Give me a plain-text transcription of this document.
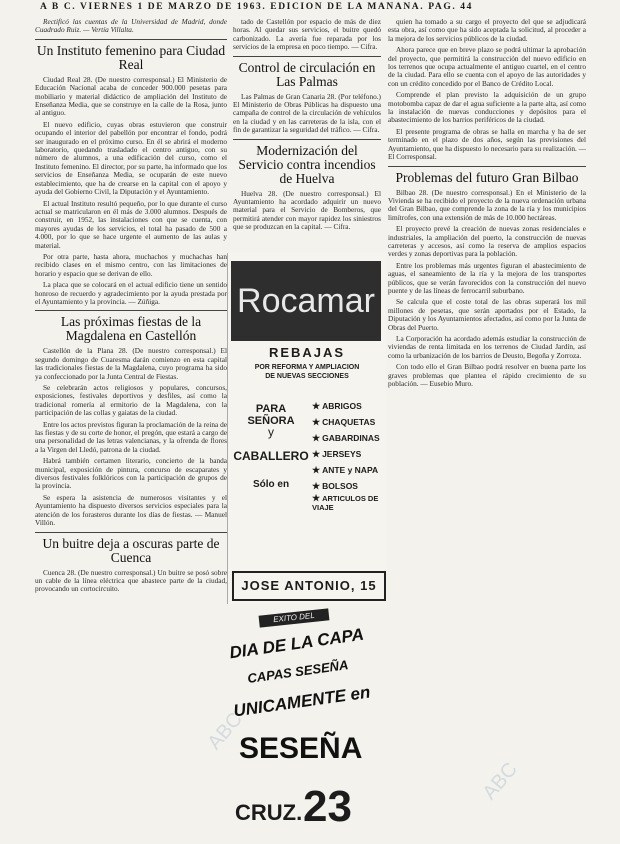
A B C. VIERNES 1 DE MARZO DE 1963. EDICION DE LA MAÑANA. PAG. 44

Rectificó las cuentas de la Universidad de Madrid, donde Cuadrado Ruiz. — Vertía Villalta.

Un Instituto femenino para Ciudad Real

Ciudad Real 28. (De nuestro corresponsal.) El Ministerio de Educación Nacional acaba de conceder 900.000 pesetas para mobiliario y material didáctico de ampliación del Instituto de Enseñanza Media, que se construye en la calle de la Rosa, junto al antiguo.

El nuevo edificio, cuyas obras estuvieron que construir ocupando el interior del pabellón por encontrar el fondo, podrá ser inaugurado en el próximo curso. En él se abrirá el moderno laboratorio, quedando trasladado el centro antiguo, con su número de alumnos, a una edificación del curso, como el Instituto femenino. El director, por su parte, ha informado que los servicios de Enseñanza Media, se ocuparán de este nuevo establecimiento, que ha de crearse en la capital con el apoyo y ayuda del Gobierno Civil, la Diputación y el Ayuntamiento.

El actual Instituto resultó pequeño, por lo que durante el curso actual se matricularon en él más de 3.000 alumnos. Después de construir, en 1952, las instalaciones con que se cuenta, con mayores ayudas de los servicios, el total ha pasado de 500 a 4.000, por lo que se hace urgente el aumento de las aulas y material.

Por otra parte, hasta ahora, muchachos y muchachas han recibido clases en el mismo centro, con las limitaciones de horario y espacio que se derivan de ello.

La placa que se colocará en el actual edificio tiene un sentido honroso de recuerdo y agradecimiento por la ayuda prestada por el Ayuntamiento y la provincia. — Zúñiga.

Las próximas fiestas de la Magdalena en Castellón

Castellón de la Plana 28. (De nuestro corresponsal.) El segundo domingo de Cuaresma darán comienzo en esta capital las tradicionales fiestas de la Magdalena, cuyo programa ha sido ya confeccionado por la Junta Central de Fiestas.

Se celebrarán actos religiosos y populares, concursos, exposiciones, festivales deportivos y desfiles, así como la tradicional romería al ermitorio de la Magdalena, con la participación de las collas y gaiatas de la ciudad.

Entre los actos previstos figuran la proclamación de la reina de las fiestas y de su corte de honor, el pregón, que estará a cargo de una personalidad de las letras valencianas, y la ofrenda de flores a la Virgen del Lledó, patrona de la ciudad.

Habrá también certamen literario, concierto de la banda municipal, exposición de pintura, concurso de escaparates y diversos festivales folklóricos con la participación de grupos de la provincia.

Se espera la asistencia de numerosos visitantes y el Ayuntamiento ha dispuesto diversos servicios especiales para la atención de los forasteros durante los días de fiestas. — Manuel Villón.

Un buitre deja a oscuras parte de Cuenca

Cuenca 28. (De nuestro corresponsal.) Un buitre se posó sobre un cable de la línea eléctrica que abastece parte de la ciudad, provocando un cortocircuito.

tado de Castellón por espacio de más de diez horas. Al quedar sus servicios, el buitre quedó carbonizado. La avería fue reparada por los servicios de la empresa en poco tiempo. — Cifra.

Control de circulación en Las Palmas

Las Palmas de Gran Canaria 28. (Por teléfono.) El Ministerio de Obras Públicas ha dispuesto una campaña de control de la circulación de vehículos en la ciudad y en las carreteras de la isla, con el fin de garantizar la seguridad del tráfico. — Cifra.

Modernización del Servicio contra incendios de Huelva

Huelva 28. (De nuestro corresponsal.) El Ayuntamiento ha acordado adquirir un nuevo material para el Servicio de Bomberos, que permitirá atender con mayor rapidez los siniestros que se produzcan en la capital. — Cifra.

Rocamar
REBAJAS
POR REFORMA Y AMPLIACION
DE NUEVAS SECCIONES
PARA SEÑORA
y
CABALLERO
Sólo en
★ ABRIGOS
★ CHAQUETAS
★ GABARDINAS
★ JERSEYS
★ ANTE y NAPA
★ BOLSOS
★ ARTICULOS DE VIAJE
JOSE ANTONIO, 15
EXITO DEL
DIA DE LA CAPA
CAPAS SESEÑA
UNICAMENTE en
SESEÑA
CRUZ. 23

quien ha tomado a su cargo el proyecto del que se adjudicará esta obra, así como que ha sido aceptada la solicitud, al proceder a la mejora de los servicios públicos de la ciudad.

Ahora parece que en breve plazo se podrá ultimar la aprobación del proyecto, que permitirá la construcción del nuevo edificio en los terrenos que ocupa actualmente el antiguo cuartel, en el centro de la ciudad. Para ello se cuenta con el apoyo de las autoridades y con un crédito concedido por el Banco de Crédito Local.

Comprende el plan previsto la adquisición de un grupo motobomba capaz de dar el agua suficiente a la parte alta, así como la instalación de nuevas conducciones y depósitos para el abastecimiento de los barrios periféricos de la ciudad.

El presente programa de obras se halla en marcha y ha de ser terminado en el plazo de dos años, según las previsiones del Ayuntamiento, que ha dispuesto lo necesario para su realización. — El Corresponsal.

Problemas del futuro Gran Bilbao

Bilbao 28. (De nuestro corresponsal.) En el Ministerio de la Vivienda se ha recibido el proyecto de la nueva ordenación urbana del Gran Bilbao, que comprende la zona de la ría y los municipios limítrofes, con una extensión de más de 10.000 hectáreas.

El proyecto prevé la creación de nuevas zonas residenciales e industriales, la ampliación del puerto, la construcción de nuevas carreteras y accesos, así como la reserva de amplios espacios verdes y zonas deportivas para la población.

Entre los problemas más urgentes figuran el abastecimiento de aguas, el saneamiento de la ría y la mejora de los transportes públicos, que se verán favorecidos con la construcción del nuevo puente y de las líneas de ferrocarril suburbano.

Se calcula que el coste total de las obras superará los mil millones de pesetas, que serán aportados por el Estado, la Diputación y los Ayuntamientos afectados, así como por la Junta de Obras del Puerto.

La Corporación ha acordado además estudiar la construcción de viviendas de renta limitada en los terrenos de Ciudad Jardín, así como la urbanización de los barrios de Deusto, Begoña y Zorroza.

Con todo ello el Gran Bilbao podrá resolver en buena parte los graves problemas que plantea el rápido crecimiento de su población. — Eusebio Muro.

ABC
ABC
